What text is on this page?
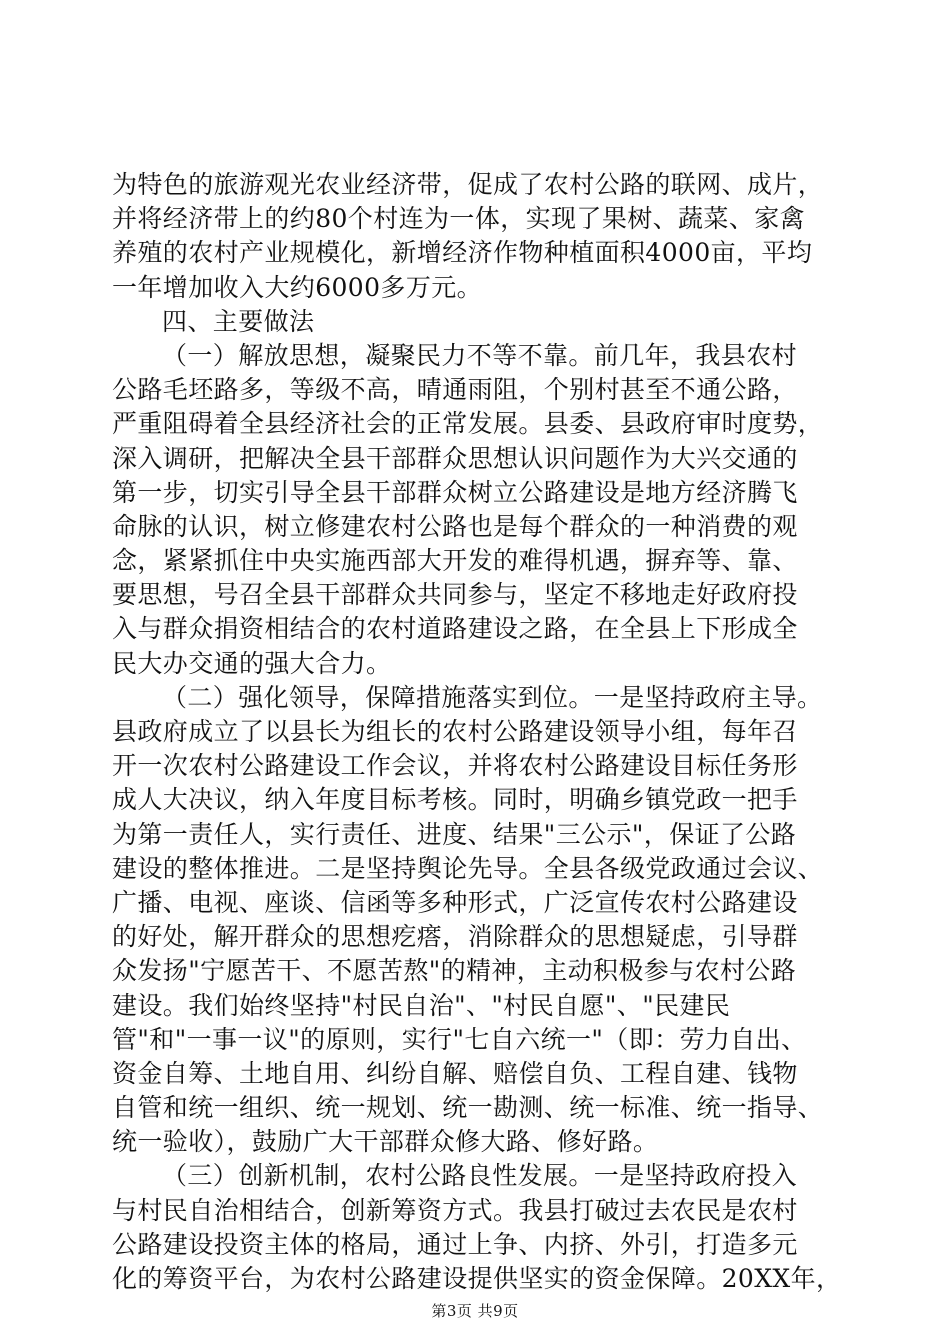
为特色的旅游观光农业经济带，促成了农村公路的联网、成片，
并将经济带上的约80个村连为一体，实现了果树、蔬菜、家禽
养殖的农村产业规模化，新增经济作物种植面积4000亩，平均
一年增加收入大约6000多万元。
四、主要做法
（一）解放思想，凝聚民力不等不靠。前几年，我县农村
公路毛坯路多，等级不高，晴通雨阻，个别村甚至不通公路，
严重阻碍着全县经济社会的正常发展。县委、县政府审时度势，
深入调研，把解决全县干部群众思想认识问题作为大兴交通的
第一步，切实引导全县干部群众树立公路建设是地方经济腾飞
命脉的认识，树立修建农村公路也是每个群众的一种消费的观
念，紧紧抓住中央实施西部大开发的难得机遇，摒弃等、靠、
要思想，号召全县干部群众共同参与，坚定不移地走好政府投
入与群众捐资相结合的农村道路建设之路，在全县上下形成全
民大办交通的强大合力。
（二）强化领导，保障措施落实到位。一是坚持政府主导。
县政府成立了以县长为组长的农村公路建设领导小组，每年召
开一次农村公路建设工作会议，并将农村公路建设目标任务形
成人大决议，纳入年度目标考核。同时，明确乡镇党政一把手
为第一责任人，实行责任、进度、结果"三公示"，保证了公路
建设的整体推进。二是坚持舆论先导。全县各级党政通过会议、
广播、电视、座谈、信函等多种形式，广泛宣传农村公路建设
的好处，解开群众的思想疙瘩，消除群众的思想疑虑，引导群
众发扬"宁愿苦干、不愿苦熬"的精神，主动积极参与农村公路
建设。我们始终坚持"村民自治"、"村民自愿"、"民建民
管"和"一事一议"的原则，实行"七自六统一"（即：劳力自出、
资金自筹、土地自用、纠纷自解、赔偿自负、工程自建、钱物
自管和统一组织、统一规划、统一勘测、统一标准、统一指导、
统一验收），鼓励广大干部群众修大路、修好路。
（三）创新机制，农村公路良性发展。一是坚持政府投入
与村民自治相结合，创新筹资方式。我县打破过去农民是农村
公路建设投资主体的格局，通过上争、内挤、外引，打造多元
化的筹资平台，为农村公路建设提供坚实的资金保障。20XX年，
第3页 共9页
